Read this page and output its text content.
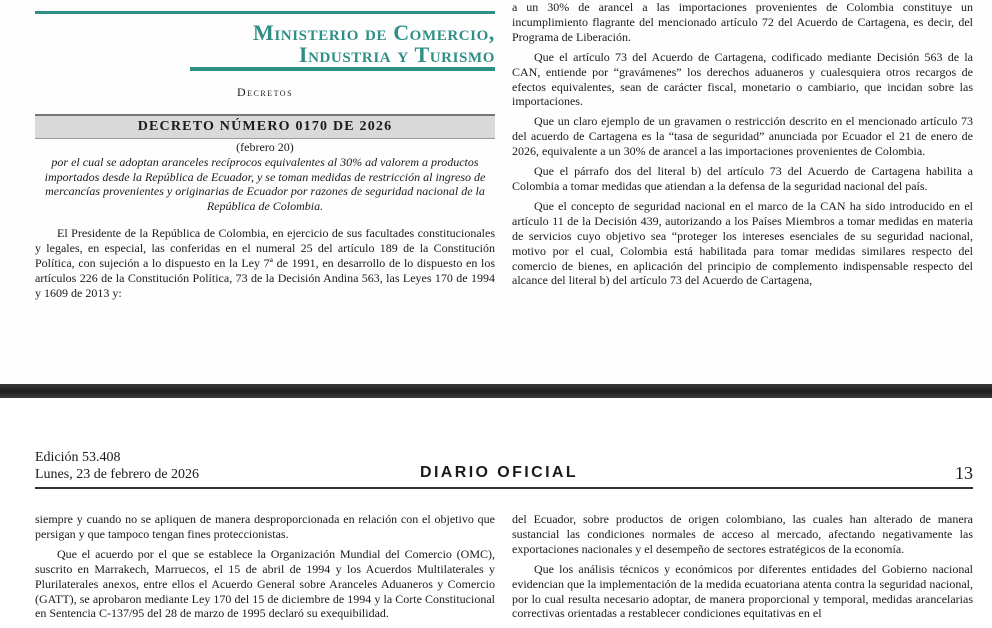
Ministerio de Comercio,
Industria y Turismo
Decretos
DECRETO NÚMERO 0170 DE 2026
(febrero 20)
por el cual se adoptan aranceles recíprocos equivalentes al 30% ad valorem a productos importados desde la República de Ecuador, y se toman medidas de restricción al ingreso de mercancías provenientes y originarias de Ecuador por razones de seguridad nacional de la República de Colombia.

El Presidente de la República de Colombia, en ejercicio de sus facultades constitucionales y legales, en especial, las conferidas en el numeral 25 del artículo 189 de la Constitución Política, con sujeción a lo dispuesto en la Ley 7ª de 1991, en desarrollo de lo dispuesto en los artículos 226 de la Constitución Política, 73 de la Decisión Andina 563, las Leyes 170 de 1994 y 1609 de 2013 y:

a un 30% de arancel a las importaciones provenientes de Colombia constituye un incumplimiento flagrante del mencionado artículo 72 del Acuerdo de Cartagena, es decir, del Programa de Liberación.

Que el artículo 73 del Acuerdo de Cartagena, codificado mediante Decisión 563 de la CAN, entiende por “gravámenes” los derechos aduaneros y cualesquiera otros recargos de efectos equivalentes, sean de carácter fiscal, monetario o cambiario, que incidan sobre las importaciones.

Que un claro ejemplo de un gravamen o restricción descrito en el mencionado artículo 73 del acuerdo de Cartagena es la “tasa de seguridad” anunciada por Ecuador el 21 de enero de 2026, equivalente a un 30% de arancel a las importaciones provenientes de Colombia.

Que el párrafo dos del literal b) del artículo 73 del Acuerdo de Cartagena habilita a Colombia a tomar medidas que atiendan a la defensa de la seguridad nacional del país.

Que el concepto de seguridad nacional en el marco de la CAN ha sido introducido en el artículo 11 de la Decisión 439, autorizando a los Países Miembros a tomar medidas en materia de servicios cuyo objetivo sea “proteger los intereses esenciales de su seguridad nacional, motivo por el cual, Colombia está habilitada para tomar medidas similares respecto del comercio de bienes, en aplicación del principio de complemento indispensable respecto del alcance del literal b) del artículo 73 del Acuerdo de Cartagena,

Edición 53.408
Lunes, 23 de febrero de 2026	DIARIO OFICIAL	13

siempre y cuando no se apliquen de manera desproporcionada en relación con el objetivo que persigan y que tampoco tengan fines proteccionistas.

Que el acuerdo por el que se establece la Organización Mundial del Comercio (OMC), suscrito en Marrakech, Marruecos, el 15 de abril de 1994 y los Acuerdos Multilaterales y Plurilaterales anexos, entre ellos el Acuerdo General sobre Aranceles Aduaneros y Comercio (GATT), se aprobaron mediante Ley 170 del 15 de diciembre de 1994 y la Corte Constitucional en Sentencia C-137/95 del 28 de marzo de 1995 declaró su exequibilidad.

del Ecuador, sobre productos de origen colombiano, las cuales han alterado de manera sustancial las condiciones normales de acceso al mercado, afectando negativamente las exportaciones nacionales y el desempeño de sectores estratégicos de la economía.

Que los análisis técnicos y económicos por diferentes entidades del Gobierno nacional evidencian que la implementación de la medida ecuatoriana atenta contra la seguridad nacional, por lo cual resulta necesario adoptar, de manera proporcional y temporal, medidas arancelarias correctivas orientadas a restablecer condiciones equitativas en el
